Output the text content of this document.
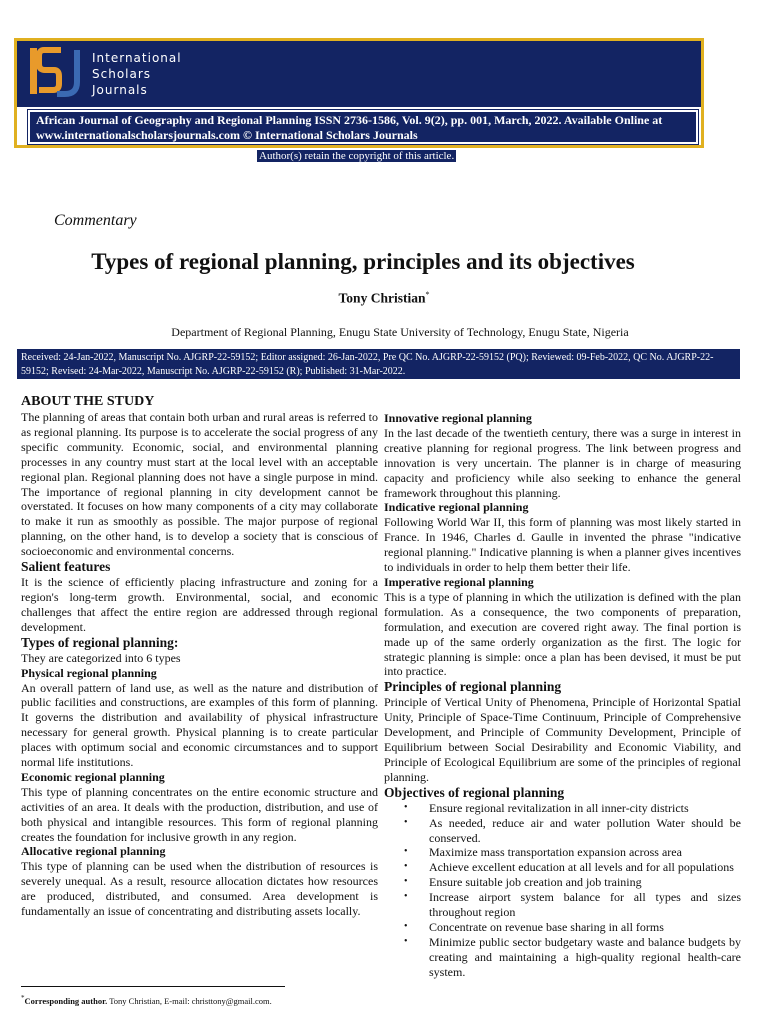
International
Scholars
Journals
African Journal of Geography and Regional Planning ISSN 2736-1586, Vol. 9(2), pp. 001, March, 2022. Available Online at www.internationalscholarsjournals.com © International Scholars Journals
Author(s) retain the copyright of this article.
Commentary
Types of regional planning, principles and its objectives
Tony Christian*
Department of Regional Planning, Enugu State University of Technology, Enugu State, Nigeria
Received: 24-Jan-2022, Manuscript No. AJGRP-22-59152; Editor assigned: 26-Jan-2022, Pre QC No. AJGRP-22-59152 (PQ); Reviewed: 09-Feb-2022, QC No. AJGRP-22-59152; Revised: 24-Mar-2022, Manuscript No. AJGRP-22-59152 (R); Published: 31-Mar-2022.
ABOUT THE STUDY

The planning of areas that contain both urban and rural areas is referred to as regional planning. Its purpose is to accelerate the social progress of any specific community. Economic, social, and environmental planning processes in any country must start at the local level with an acceptable regional plan. Regional planning does not have a single purpose in mind. The importance of regional planning in city development cannot be overstated. It focuses on how many components of a city may collaborate to make it run as smoothly as possible. The major purpose of regional planning, on the other hand, is to develop a society that is conscious of socioeconomic and environmental concerns.

Salient features

It is the science of efficiently placing infrastructure and zoning for a region's long-term growth. Environmental, social, and economic challenges that affect the entire region are addressed through regional development.

Types of regional planning:

They are categorized into 6 types

Physical regional planning

An overall pattern of land use, as well as the nature and distribution of public facilities and constructions, are examples of this form of planning. It governs the distribution and availability of physical infrastructure necessary for general growth. Physical planning is to create particular places with optimum social and economic circumstances and to support normal life institutions.

Economic regional planning

This type of planning concentrates on the entire economic structure and activities of an area. It deals with the production, distribution, and use of both physical and intangible resources. This form of regional planning creates the foundation for inclusive growth in any region.

Allocative regional planning

This type of planning can be used when the distribution of resources is severely unequal. As a result, resource allocation dictates how resources are produced, distributed, and consumed. Area development is fundamentally an issue of concentrating and distributing assets locally.

Innovative regional planning

In the last decade of the twentieth century, there was a surge in interest in creative planning for regional progress. The link between progress and innovation is very uncertain. The planner is in charge of measuring capacity and proficiency while also seeking to enhance the general framework throughout this planning.

Indicative regional planning

Following World War II, this form of planning was most likely started in France. In 1946, Charles d. Gaulle in invented the phrase "indicative regional planning." Indicative planning is when a planner gives incentives to individuals in order to help them better their life.

Imperative regional planning

This is a type of planning in which the utilization is defined with the plan formulation. As a consequence, the two components of preparation, formulation, and execution are covered right away. The final portion is made up of the same orderly organization as the first. The logic for strategic planning is simple: once a plan has been devised, it must be put into practice.

Principles of regional planning

Principle of Vertical Unity of Phenomena, Principle of Horizontal Spatial Unity, Principle of Space-Time Continuum, Principle of Comprehensive Development, and Principle of Community Development, Principle of Equilibrium between Social Desirability and Economic Viability, and Principle of Ecological Equilibrium are some of the principles of regional planning.

Objectives of regional planning
• Ensure regional revitalization in all inner-city districts
• As needed, reduce air and water pollution Water should be conserved.
• Maximize mass transportation expansion across area
• Achieve excellent education at all levels and for all populations
• Ensure suitable job creation and job training
• Increase airport system balance for all types and sizes throughout region
• Concentrate on revenue base sharing in all forms
• Minimize public sector budgetary waste and balance budgets by creating and maintaining a high-quality regional health-care system.
*Corresponding author. Tony Christian, E-mail: christtony@gmail.com.
